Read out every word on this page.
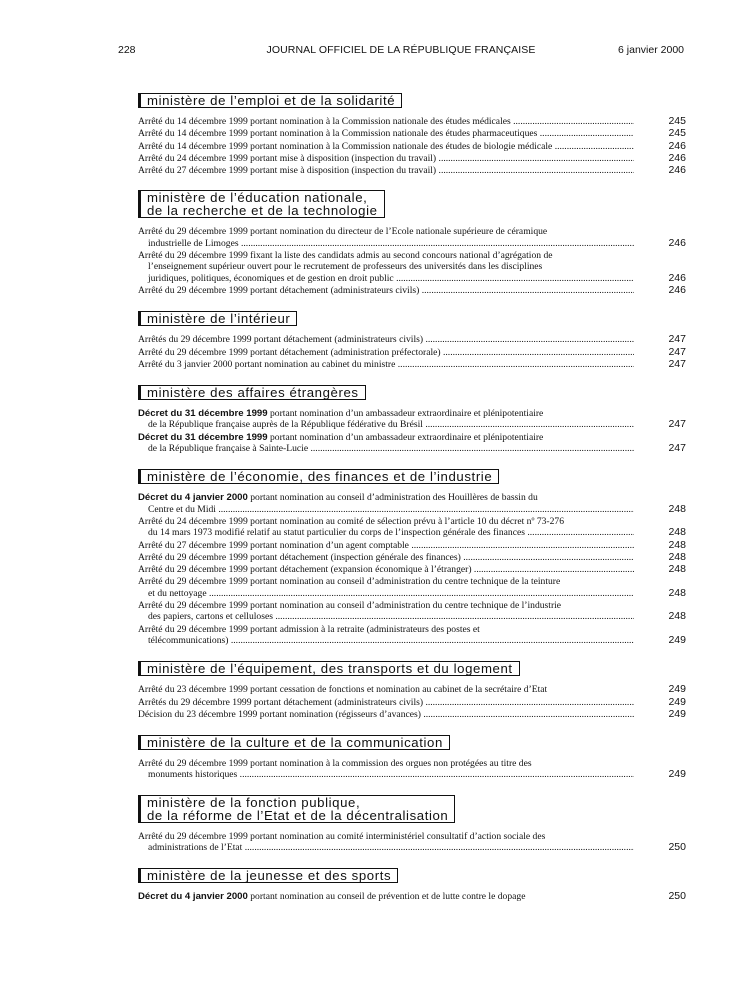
228	JOURNAL OFFICIEL DE LA RÉPUBLIQUE FRANÇAISE	6 janvier 2000
ministère de l’emploi et de la solidarité
Arrêté du 14 décembre 1999 portant nomination à la Commission nationale des études médicales .....	245
Arrêté du 14 décembre 1999 portant nomination à la Commission nationale des études pharmaceutiques .....	245
Arrêté du 14 décembre 1999 portant nomination à la Commission nationale des études de biologie médicale .....	246
Arrêté du 24 décembre 1999 portant mise à disposition (inspection du travail) .....	246
Arrêté du 27 décembre 1999 portant mise à disposition (inspection du travail) .....	246
ministère de l’éducation nationale,
de la recherche et de la technologie
Arrêté du 29 décembre 1999 portant nomination du directeur de l’Ecole nationale supérieure de céramique
industrielle de Limoges .....	246
Arrêté du 29 décembre 1999 fixant la liste des candidats admis au second concours national d’agrégation de
l’enseignement supérieur ouvert pour le recrutement de professeurs des universités dans les disciplines
juridiques, politiques, économiques et de gestion en droit public .....	246
Arrêté du 29 décembre 1999 portant détachement (administrateurs civils) .....	246
ministère de l’intérieur
Arrêtés du 29 décembre 1999 portant détachement (administrateurs civils) .....	247
Arrêté du 29 décembre 1999 portant détachement (administration préfectorale) .....	247
Arrêté du 3 janvier 2000 portant nomination au cabinet du ministre .....	247
ministère des affaires étrangères
Décret du 31 décembre 1999 portant nomination d’un ambassadeur extraordinaire et plénipotentiaire
de la République française auprès de la République fédérative du Brésil .....	247
Décret du 31 décembre 1999 portant nomination d’un ambassadeur extraordinaire et plénipotentiaire
de la République française à Sainte-Lucie .....	247
ministère de l’économie, des finances et de l’industrie
Décret du 4 janvier 2000 portant nomination au conseil d’administration des Houillères de bassin du
Centre et du Midi .....	248
Arrêté du 24 décembre 1999 portant nomination au comité de sélection prévu à l’article 10 du décret nº 73-276
du 14 mars 1973 modifié relatif au statut particulier du corps de l’inspection générale des finances .....	248
Arrêté du 27 décembre 1999 portant nomination d’un agent comptable .....	248
Arrêté du 29 décembre 1999 portant détachement (inspection générale des finances) .....	248
Arrêté du 29 décembre 1999 portant détachement (expansion économique à l’étranger) .....	248
Arrêté du 29 décembre 1999 portant nomination au conseil d’administration du centre technique de la teinture
et du nettoyage .....	248
Arrêté du 29 décembre 1999 portant nomination au conseil d’administration du centre technique de l’industrie
des papiers, cartons et celluloses .....	248
Arrêté du 29 décembre 1999 portant admission à la retraite (administrateurs des postes et
télécommunications) .....	249
ministère de l’équipement, des transports et du logement
Arrêté du 23 décembre 1999 portant cessation de fonctions et nomination au cabinet de la secrétaire d’Etat	249
Arrêtés du 29 décembre 1999 portant détachement (administrateurs civils) .....	249
Décision du 23 décembre 1999 portant nomination (régisseurs d’avances) .....	249
ministère de la culture et de la communication
Arrêté du 29 décembre 1999 portant nomination à la commission des orgues non protégées au titre des
monuments historiques .....	249
ministère de la fonction publique,
de la réforme de l’Etat et de la décentralisation
Arrêté du 29 décembre 1999 portant nomination au comité interministériel consultatif d’action sociale des
administrations de l’Etat .....	250
ministère de la jeunesse et des sports
Décret du 4 janvier 2000 portant nomination au conseil de prévention et de lutte contre le dopage	250
